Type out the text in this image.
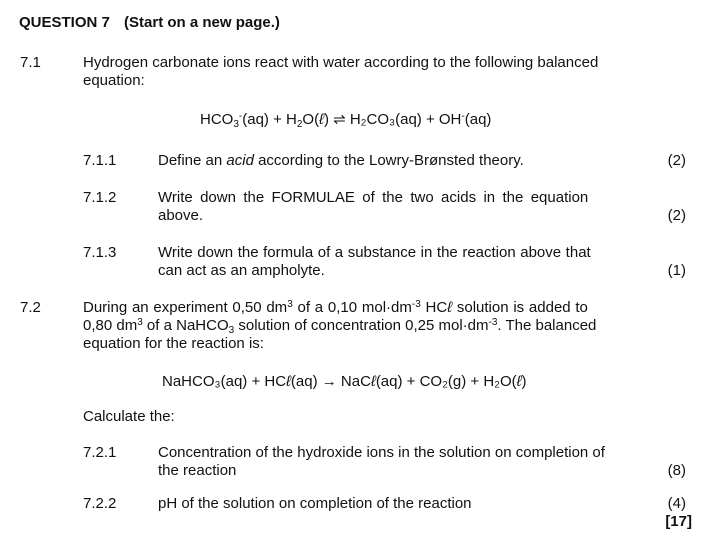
QUESTION 7 (Start on a new page.)
7.1	Hydrogen carbonate ions react with water according to the following balanced
equation:
$HCO_3^-(aq)$ + $H_2O(\ell)$ ⇌ H₂CO₃(aq) + OH-(aq)
7.1.1	Define an acid according to the Lowry-Brønsted theory.	(2)
7.1.2	Write down the FORMULAE of the two acids in the equation
above.	(2)
7.1.3	Write down the formula of a substance in the reaction above that
can act as an ampholyte.	(1)
7.2	During an experiment 0,50 $dm^3$ of a 0,10 $mol\cdot dm^{-3}$ HCℓ solution is added to
0,80 $dm^3$ of a NaHCO$_3$ solution of concentration 0,25 $mol\cdot dm^{-3}$. The balanced
equation for the reaction is:
NaHCO₃(aq) + HCℓ(aq) → NaCℓ(aq) + CO₂(g) + H₂O(ℓ)
Calculate the:
7.2.1	Concentration of the hydroxide ions in the solution on completion of
the reaction	(8)
7.2.2	pH of the solution on completion of the reaction	(4)
[17]
